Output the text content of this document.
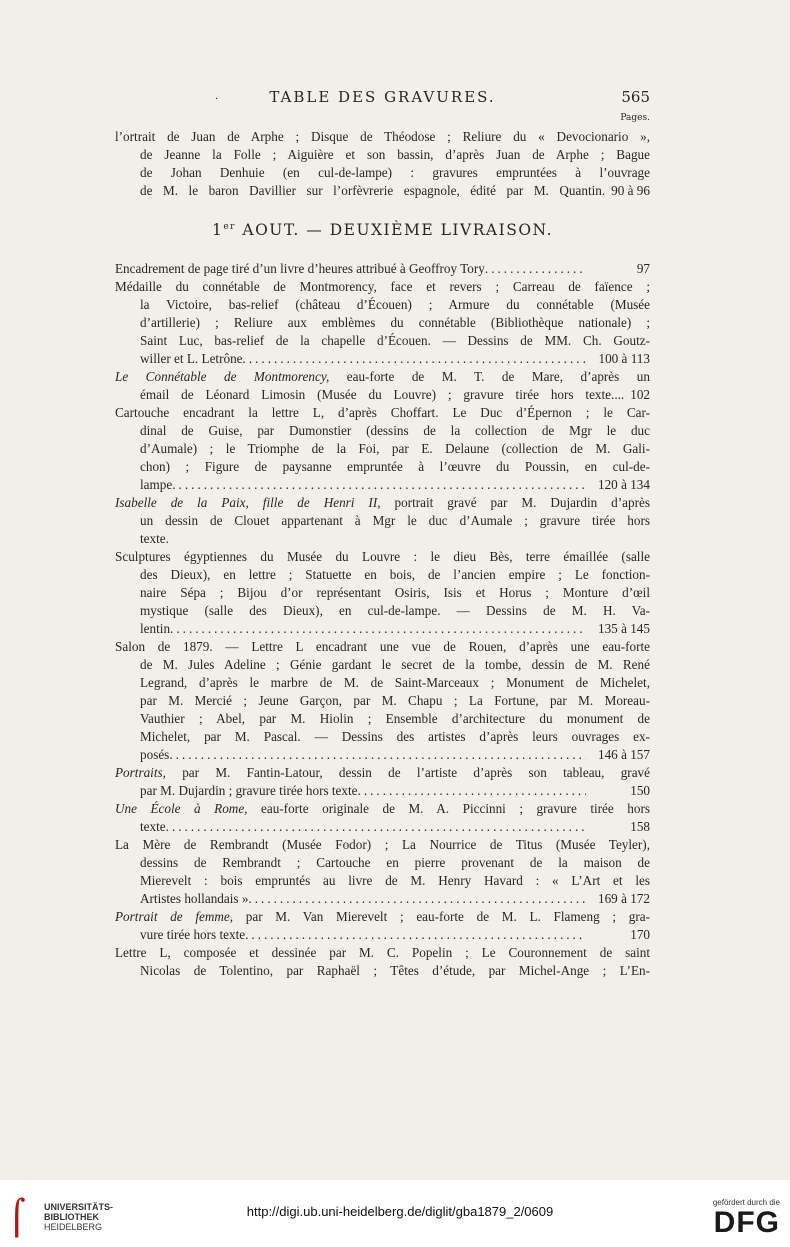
·	TABLE DES GRAVURES.	565
Pages.
l’ortrait de Juan de Arphe ; Disque de Théodose ; Reliure du « Devocionario »,
de Jeanne la Folle ; Aiguière et son bassin, d’après Juan de Arphe ; Bague
de Johan Denhuie (en cul-de-lampe) : gravures empruntées à l’ouvrage
de M. le baron Davillier sur l’orfèvrerie espagnole, édité par M. Quantin. 90 à 96
1er AOUT. — DEUXIÈME LIVRAISON.
Encadrement de page tiré d’un livre d’heures attribué à Geoffroy Tory .....	97
Médaille du connétable de Montmorency, face et revers ; Carreau de faïence ;
la Victoire, bas-relief (château d’Écouen) ; Armure du connétable (Musée
d’artillerie) ; Reliure aux emblèmes du connétable (Bibliothèque nationale) ;
Saint Luc, bas-relief de la chapelle d’Écouen. — Dessins de MM. Ch. Goutz-
willer et L. Letrône .....	100 à 113
Le Connétable de Montmorency, eau-forte de M. T. de Mare, d’après un
émail de Léonard Limosin (Musée du Louvre) ; gravure tirée hors texte.... 102
Cartouche encadrant la lettre L, d’après Choffart. Le Duc d’Épernon ; le Car-
dinal de Guise, par Dumonstier (dessins de la collection de Mgr le duc
d’Aumale) ; le Triomphe de la Foi, par E. Delaune (collection de M. Gali-
chon) ; Figure de paysanne empruntée à l’œuvre du Poussin, en cul-de-
lampe .....	120 à 134
Isabelle de la Paix, fille de Henri II, portrait gravé par M. Dujardin d’après
un dessin de Clouet appartenant à Mgr le duc d’Aumale ; gravure tirée hors
texte.
Sculptures égyptiennes du Musée du Louvre : le dieu Bès, terre émaillée (salle
des Dieux), en lettre ; Statuette en bois, de l’ancien empire ; Le fonction-
naire Sépa ; Bijou d’or représentant Osiris, Isis et Horus ; Monture d’œil
mystique (salle des Dieux), en cul-de-lampe. — Dessins de M. H. Va-
lentin .....	135 à 145
Salon de 1879. — Lettre L encadrant une vue de Rouen, d’après une eau-forte
de M. Jules Adeline ; Génie gardant le secret de la tombe, dessin de M. René
Legrand, d’après le marbre de M. de Saint-Marceaux ; Monument de Michelet,
par M. Mercié ; Jeune Garçon, par M. Chapu ; La Fortune, par M. Moreau-
Vauthier ; Abel, par M. Hiolin ; Ensemble d’architecture du monument de
Michelet, par M. Pascal. — Dessins des artistes d’après leurs ouvrages ex-
posés .....	146 à 157
Portraits, par M. Fantin-Latour, dessin de l’artiste d’après son tableau, gravé
par M. Dujardin ; gravure tirée hors texte .....	150
Une École à Rome, eau-forte originale de M. A. Piccinni ; gravure tirée hors
texte .....	158
La Mère de Rembrandt (Musée Fodor) ; La Nourrice de Titus (Musée Teyler),
dessins de Rembrandt ; Cartouche en pierre provenant de la maison de
Mierevelt : bois empruntés au livre de M. Henry Havard : « L’Art et les
Artistes hollandais » .....	169 à 172
Portrait de femme, par M. Van Mierevelt ; eau-forte de M. L. Flameng ; gra-
vure tirée hors texte .....	170
Lettre L, composée et dessinée par M. C. Popelin ; Le Couronnement de saint
Nicolas de Tolentino, par Raphaël ; Têtes d’étude, par Michel-Ange ; L’En-
⌠	UNIVERSITÄTS-
BIBLIOTHEK
HEIDELBERG
http://digi.ub.uni-heidelberg.de/diglit/gba1879_2/0609
gefördert durch die
DFG
